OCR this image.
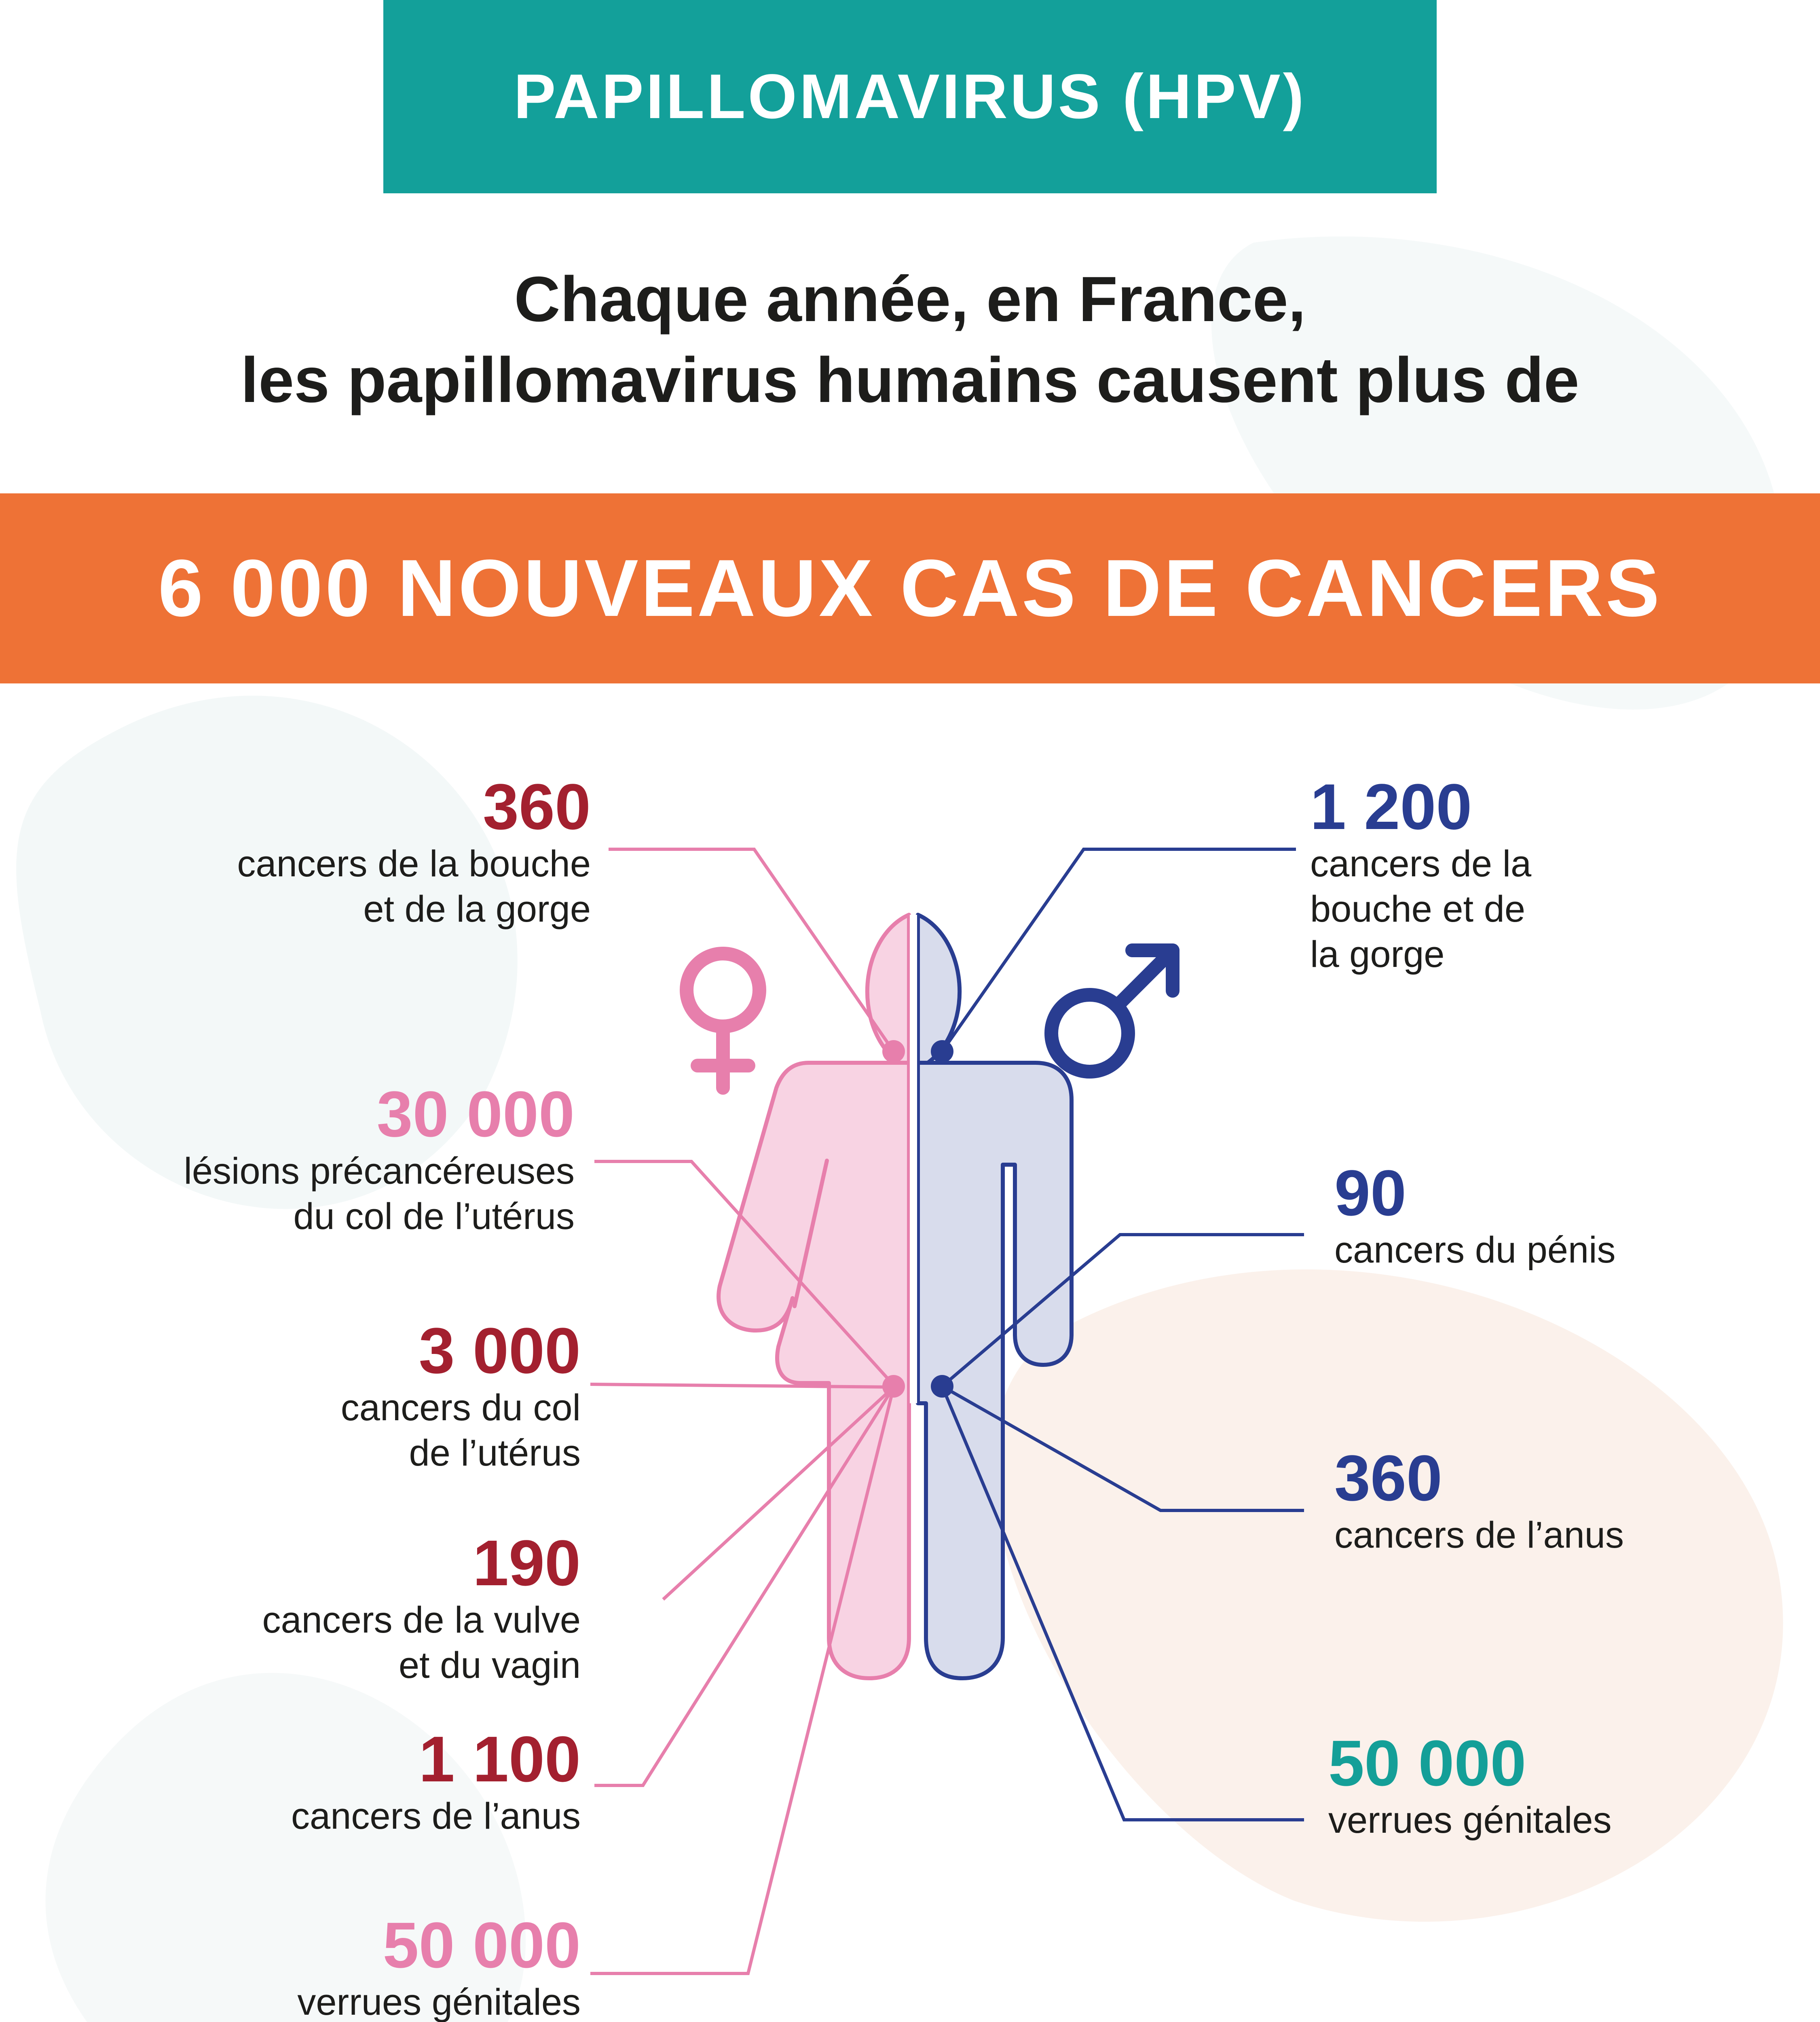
PAPILLOMAVIRUS (HPV)
Chaque année, en France,
les papillomavirus humains causent plus de
6 000 NOUVEAUX CAS DE CANCERS
360
cancers de la bouche
et de la gorge
30 000
lésions précancéreuses
du col de l’utérus
3 000
cancers du col
de l’utérus
190
cancers de la vulve
et du vagin
1 100
cancers de l’anus
50 000
verrues génitales
1 200
cancers de la
bouche et de
la gorge
90
cancers du pénis
360
cancers de l’anus
50 000
verrues génitales
